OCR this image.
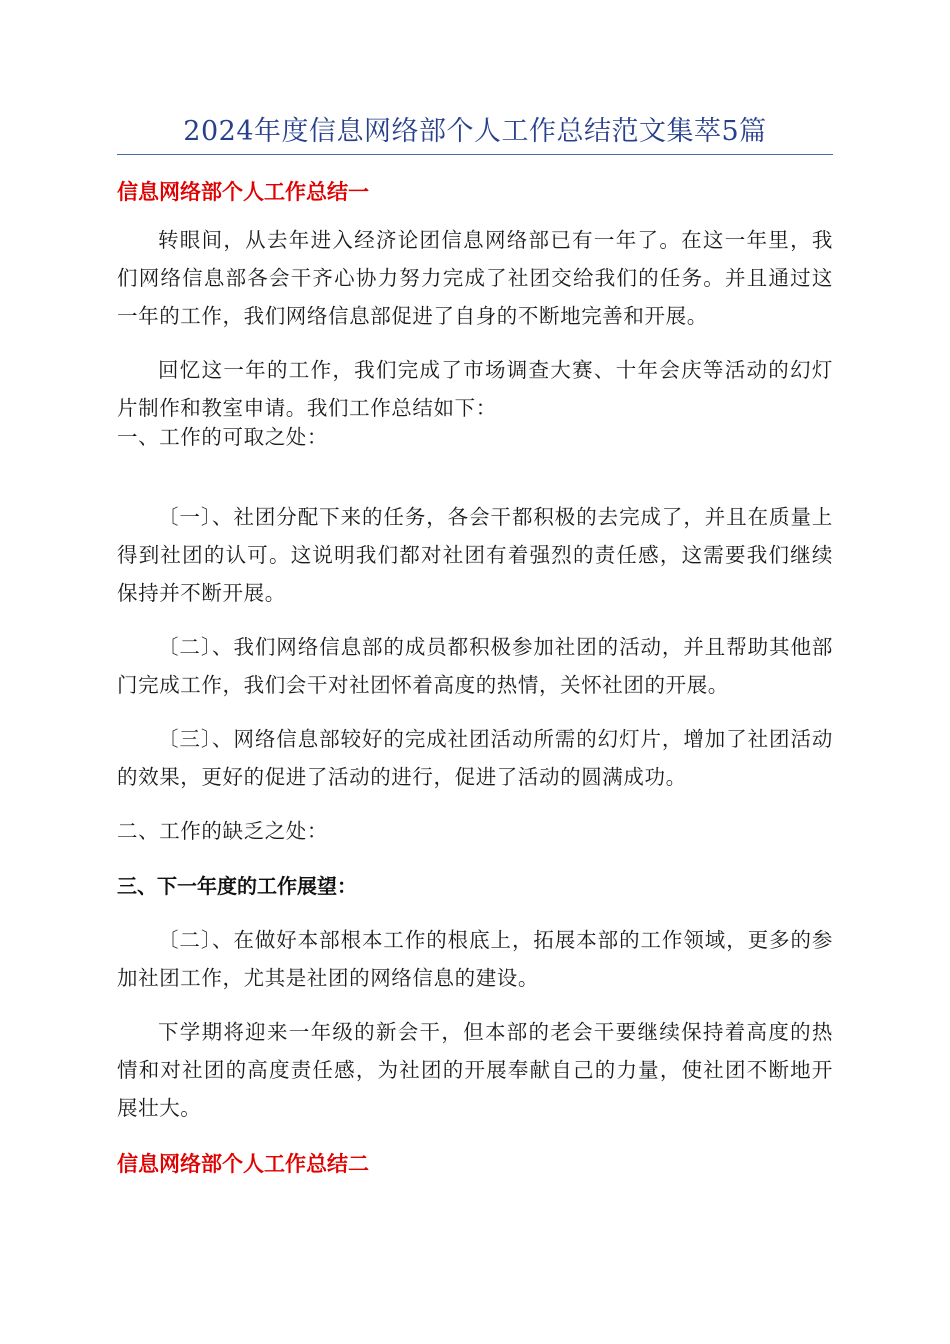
2024年度信息网络部个人工作总结范文集萃5篇
信息网络部个人工作总结一

转眼间，从去年进入经济论团信息网络部已有一年了。在这一年里，我们网络信息部各会干齐心协力努力完成了社团交给我们的任务。并且通过这一年的工作，我们网络信息部促进了自身的不断地完善和开展。

回忆这一年的工作，我们完成了市场调查大赛、十年会庆等活动的幻灯片制作和教室申请。我们工作总结如下：

一、工作的可取之处：

〔一〕、社团分配下来的任务，各会干都积极的去完成了，并且在质量上得到社团的认可。这说明我们都对社团有着强烈的责任感，这需要我们继续保持并不断开展。

〔二〕、我们网络信息部的成员都积极参加社团的活动，并且帮助其他部门完成工作，我们会干对社团怀着高度的热情，关怀社团的开展。

〔三〕、网络信息部较好的完成社团活动所需的幻灯片，增加了社团活动的效果，更好的促进了活动的进行，促进了活动的圆满成功。

二、工作的缺乏之处：

三、下一年度的工作展望：

〔二〕、在做好本部根本工作的根底上，拓展本部的工作领域，更多的参加社团工作，尤其是社团的网络信息的建设。

下学期将迎来一年级的新会干，但本部的老会干要继续保持着高度的热情和对社团的高度责任感，为社团的开展奉献自己的力量，使社团不断地开展壮大。

信息网络部个人工作总结二
